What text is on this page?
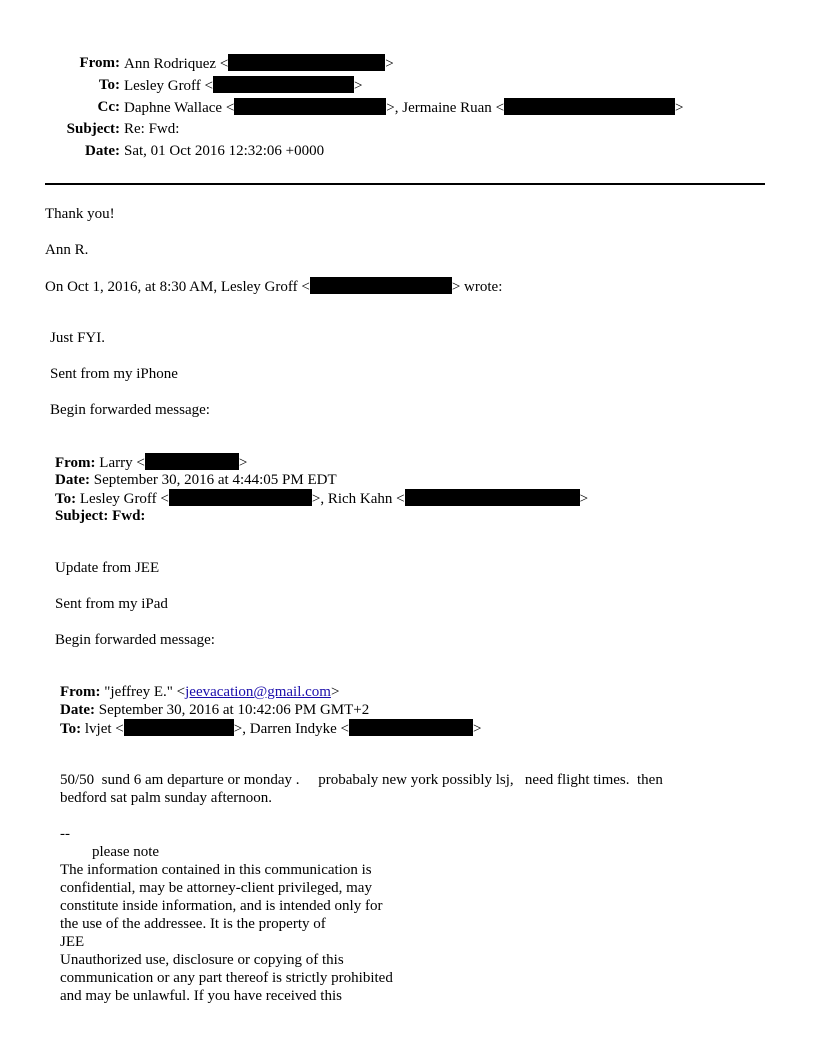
From: Ann Rodriquez <	>
To: Lesley Groff <	>
Cc: Daphne Wallace <	>, Jermaine Ruan <	>
Subject: Re: Fwd:
Date: Sat, 01 Oct 2016 12:32:06 +0000
Thank you!
Ann R.
On Oct 1, 2016, at 8:30 AM, Lesley Groff <	> wrote:
Just FYI.
Sent from my iPhone
Begin forwarded message:
From: Larry <	>
Date: September 30, 2016 at 4:44:05 PM EDT
To: Lesley Groff <	>, Rich Kahn <	>
Subject: Fwd:
Update from JEE
Sent from my iPad
Begin forwarded message:
From: "jeffrey E." <jeevacation@gmail.com>
Date: September 30, 2016 at 10:42:06 PM GMT+2
To: lvjet <	>, Darren Indyke <	>
50/50  sund 6 am departure or monday .     probabaly new york possibly lsj,   need flight times.  then
bedford sat palm sunday afternoon.
--
please note
The information contained in this communication is
confidential, may be attorney-client privileged, may
constitute inside information, and is intended only for
the use of the addressee. It is the property of
JEE
Unauthorized use, disclosure or copying of this
communication or any part thereof is strictly prohibited
and may be unlawful. If you have received this
